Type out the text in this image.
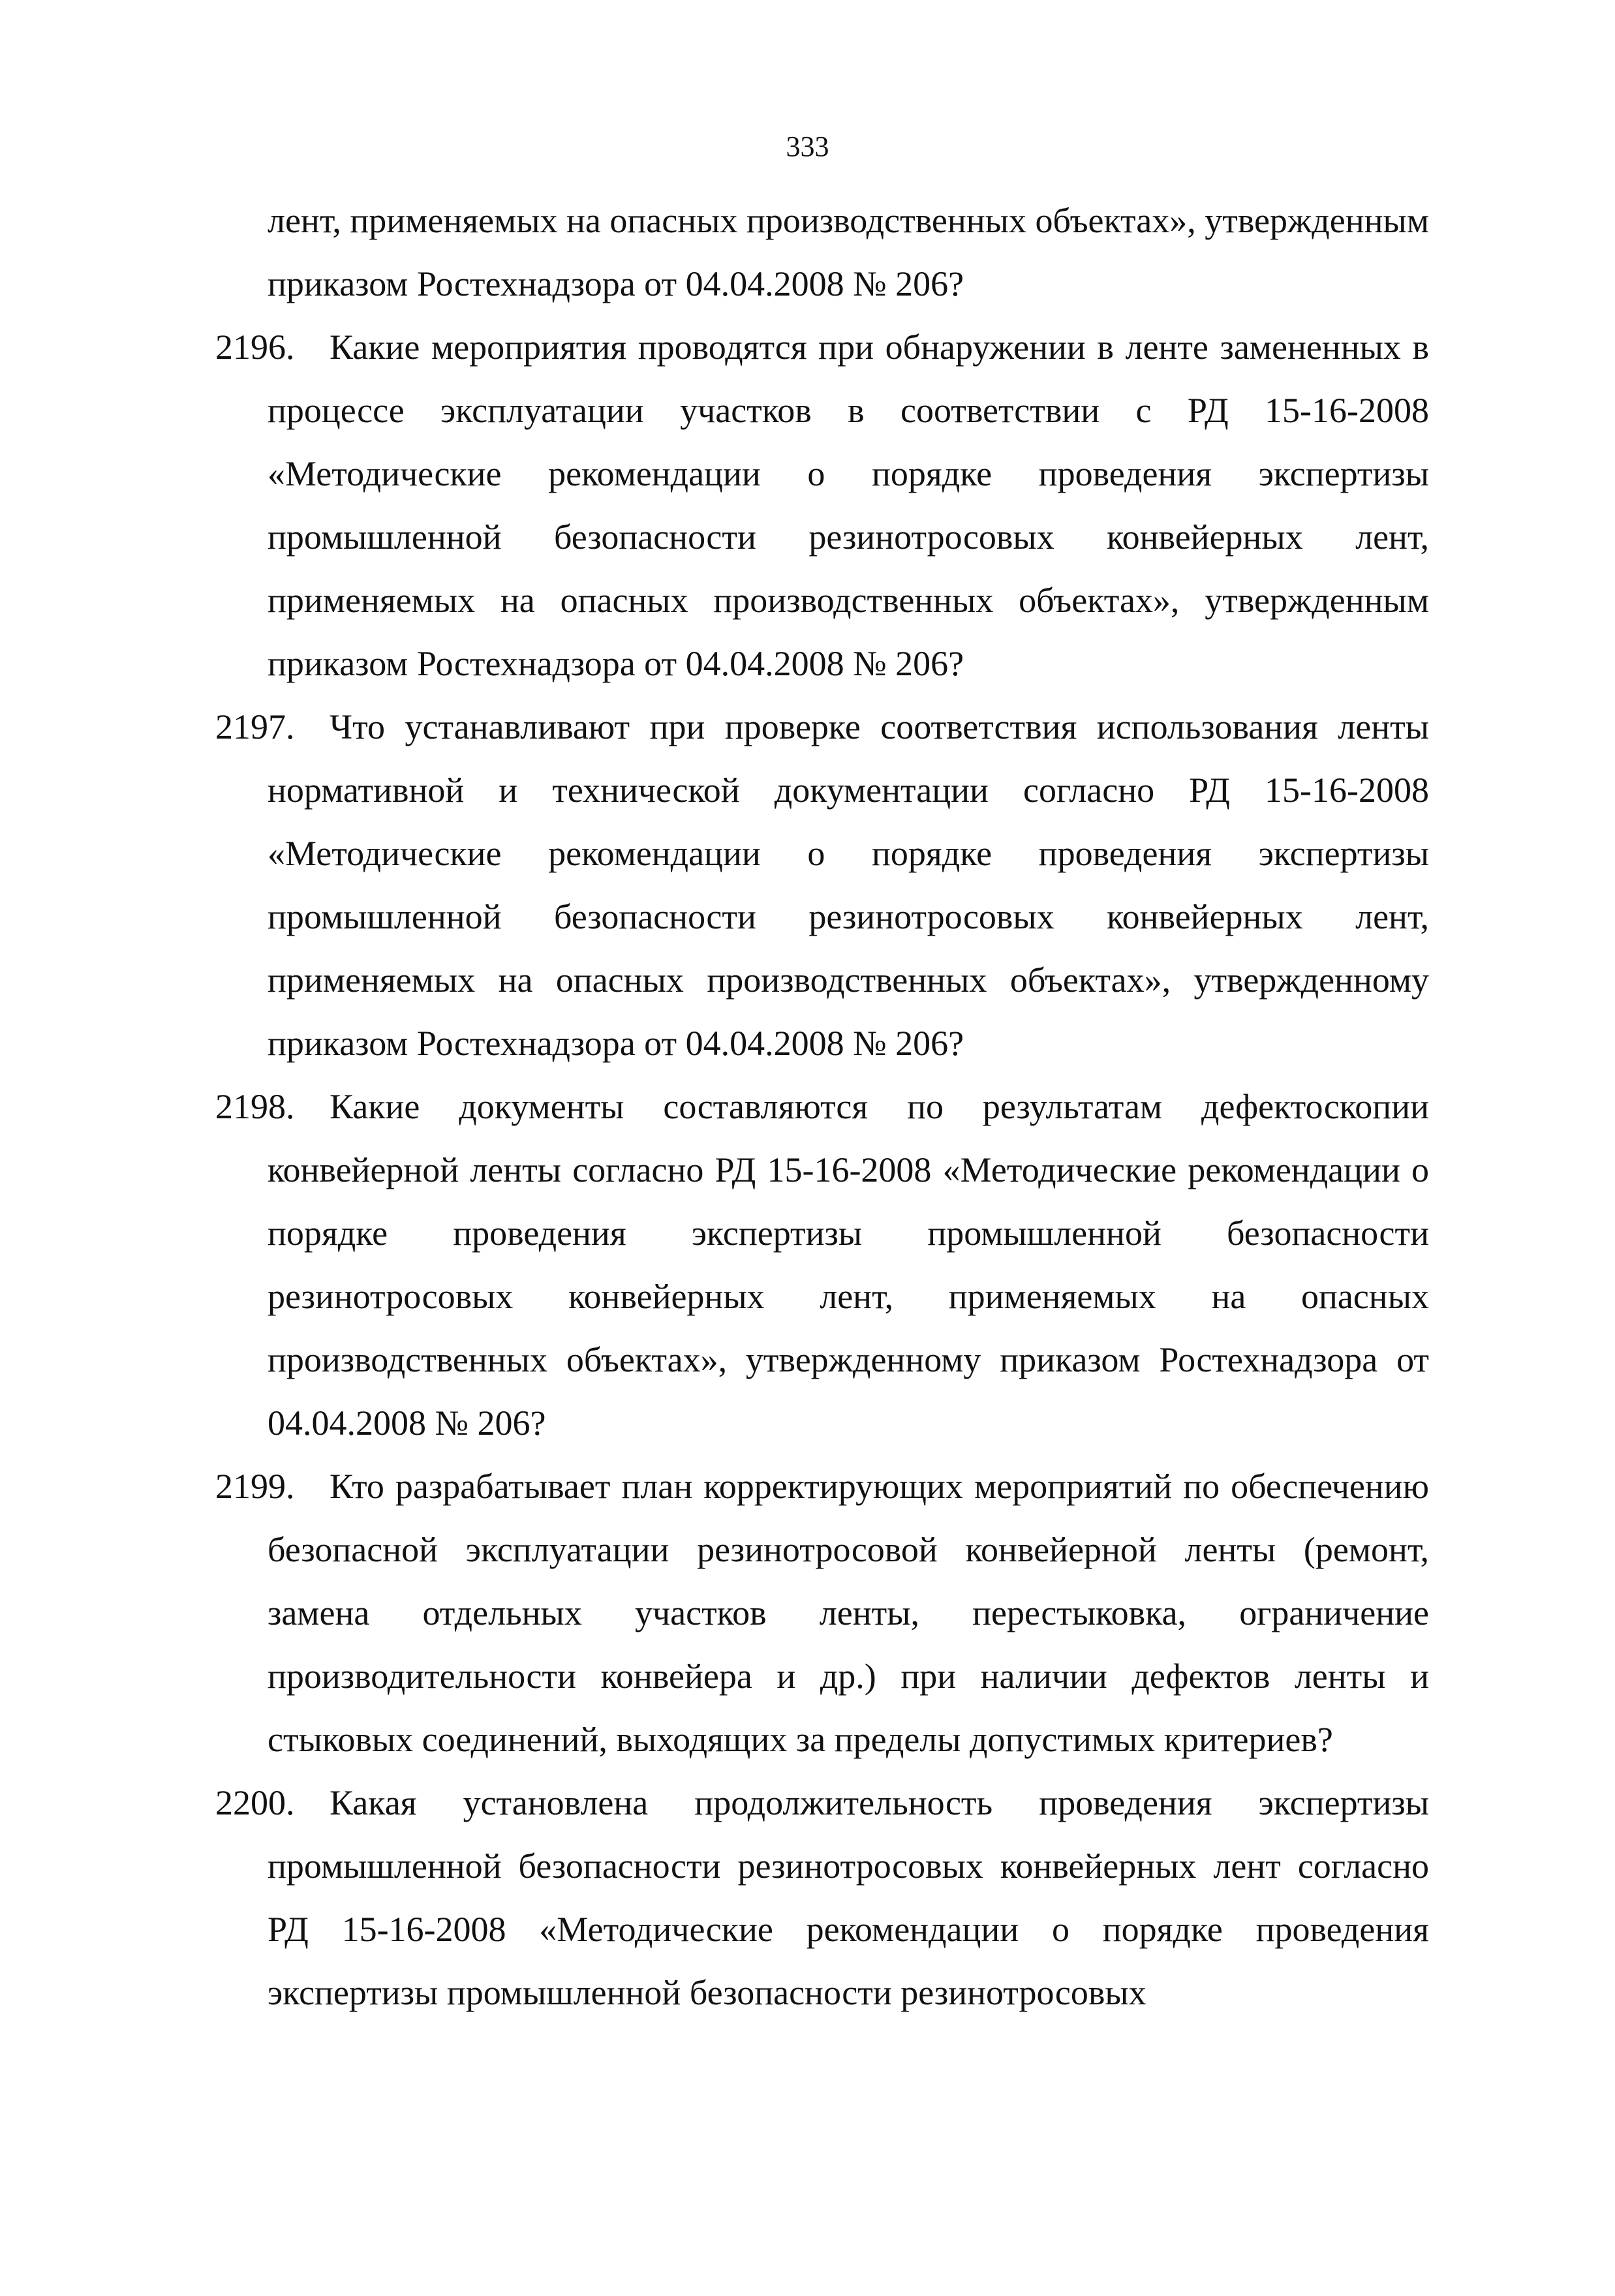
333
лент, применяемых на опасных производственных объектах», утвержденным приказом Ростехнадзора от 04.04.2008 № 206?
2196. Какие мероприятия проводятся при обнаружении в ленте замененных в процессе эксплуатации участков в соответствии с РД 15-16-2008 «Методические рекомендации о порядке проведения экспертизы промышленной безопасности резинотросовых конвейерных лент, применяемых на опасных производственных объектах», утвержденным приказом Ростехнадзора от 04.04.2008 № 206?
2197. Что устанавливают при проверке соответствия использования ленты нормативной и технической документации согласно РД 15-16-2008 «Методические рекомендации о порядке проведения экспертизы промышленной безопасности резинотросовых конвейерных лент, применяемых на опасных производственных объектах», утвержденному приказом Ростехнадзора от 04.04.2008 № 206?
2198. Какие документы составляются по результатам дефектоскопии конвейерной ленты согласно РД 15-16-2008 «Методические рекомендации о порядке проведения экспертизы промышленной безопасности резинотросовых конвейерных лент, применяемых на опасных производственных объектах», утвержденному приказом Ростехнадзора от 04.04.2008 № 206?
2199. Кто разрабатывает план корректирующих мероприятий по обеспечению безопасной эксплуатации резинотросовой конвейерной ленты (ремонт, замена отдельных участков ленты, перестыковка, ограничение производительности конвейера и др.) при наличии дефектов ленты и стыковых соединений, выходящих за пределы допустимых критериев?
2200. Какая установлена продолжительность проведения экспертизы промышленной безопасности резинотросовых конвейерных лент согласно РД 15-16-2008 «Методические рекомендации о порядке проведения экспертизы промышленной безопасности резинотросовых
